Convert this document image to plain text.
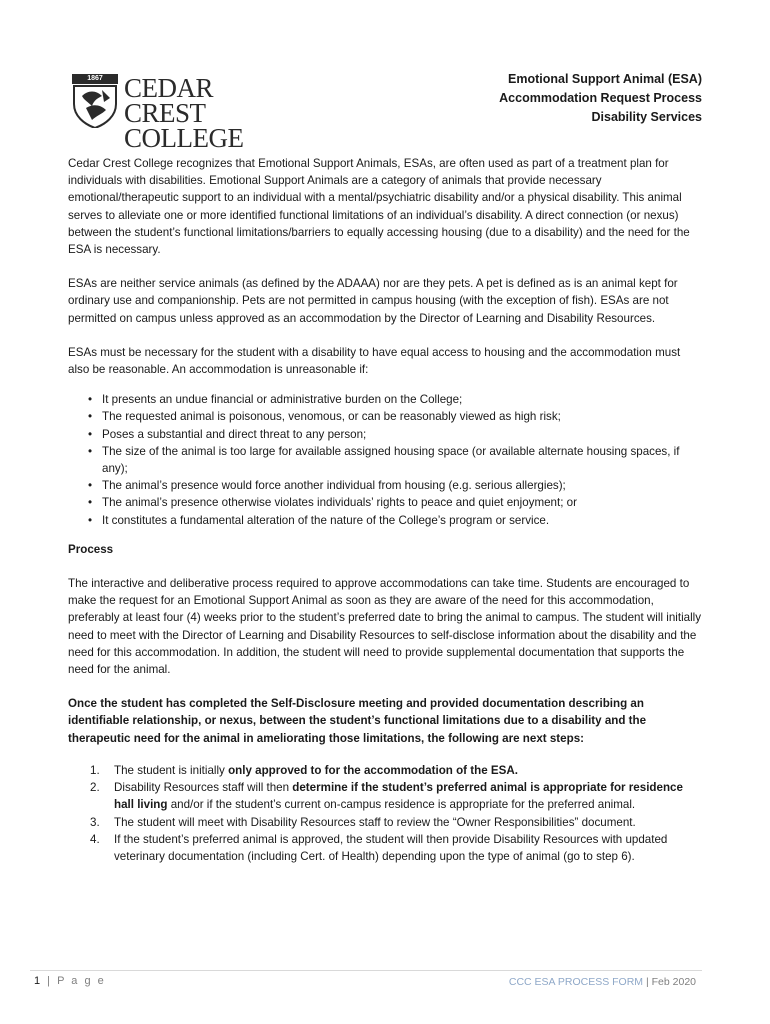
1867 CEDAR CREST
COLLEGE
Emotional Support Animal (ESA)
Accommodation Request Process
Disability Services

Cedar Crest College recognizes that Emotional Support Animals, ESAs, are often used as part of a treatment plan for individuals with disabilities. Emotional Support Animals are a category of animals that provide necessary emotional/therapeutic support to an individual with a mental/psychiatric disability and/or a physical disability. This animal serves to alleviate one or more identified functional limitations of an individual’s disability. A direct connection (or nexus) between the student’s functional limitations/barriers to equally accessing housing (due to a disability) and the need for the ESA is necessary.

ESAs are neither service animals (as defined by the ADAAA) nor are they pets. A pet is defined as is an animal kept for ordinary use and companionship. Pets are not permitted in campus housing (with the exception of fish). ESAs are not permitted on campus unless approved as an accommodation by the Director of Learning and Disability Resources.

ESAs must be necessary for the student with a disability to have equal access to housing and the accommodation must also be reasonable. An accommodation is unreasonable if:

• It presents an undue financial or administrative burden on the College;
• The requested animal is poisonous, venomous, or can be reasonably viewed as high risk;
• Poses a substantial and direct threat to any person;
• The size of the animal is too large for available assigned housing space (or available alternate housing spaces, if any);
• The animal’s presence would force another individual from housing (e.g. serious allergies);
• The animal’s presence otherwise violates individuals’ rights to peace and quiet enjoyment; or
• It constitutes a fundamental alteration of the nature of the College’s program or service.

Process

The interactive and deliberative process required to approve accommodations can take time. Students are encouraged to make the request for an Emotional Support Animal as soon as they are aware of the need for this accommodation, preferably at least four (4) weeks prior to the student’s preferred date to bring the animal to campus. The student will initially need to meet with the Director of Learning and Disability Resources to self-disclose information about the disability and the need for this accommodation. In addition, the student will need to provide supplemental documentation that supports the need for the animal.

Once the student has completed the Self-Disclosure meeting and provided documentation describing an identifiable relationship, or nexus, between the student’s functional limitations due to a disability and the therapeutic need for the animal in ameliorating those limitations, the following are next steps:

1. The student is initially only approved to for the accommodation of the ESA.
2. Disability Resources staff will then determine if the student’s preferred animal is appropriate for residence hall living and/or if the student’s current on-campus residence is appropriate for the preferred animal.
3. The student will meet with Disability Resources staff to review the “Owner Responsibilities” document.
4. If the student’s preferred animal is approved, the student will then provide Disability Resources with updated veterinary documentation (including Cert. of Health) depending upon the type of animal (go to step 6).
1 | P a g e	CCC ESA PROCESS FORM | Feb 2020
